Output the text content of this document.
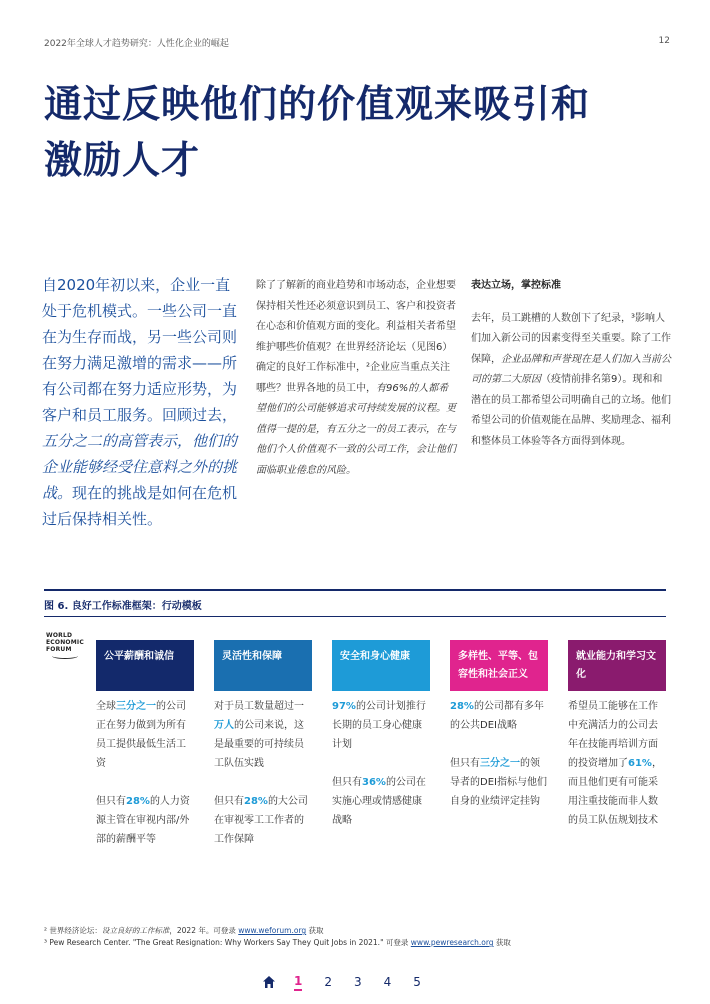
2022年全球人才趋势研究：人性化企业的崛起	12
通过反映他们的价值观来吸引和
激励人才
自2020年初以来，企业一直处于危机模式。一些公司一直在为生存而战，另一些公司则在努力满足激增的需求——所有公司都在努力适应形势，为客户和员工服务。回顾过去，五分之二的高管表示，他们的企业能够经受住意料之外的挑战。现在的挑战是如何在危机过后保持相关性。
除了了解新的商业趋势和市场动态，企业想要保持相关性还必须意识到员工、客户和投资者在心态和价值观方面的变化。利益相关者希望维护哪些价值观？在世界经济论坛（见图6）确定的良好工作标准中，²企业应当重点关注哪些？世界各地的员工中，有96%的人都希望他们的公司能够追求可持续发展的议程。更值得一提的是，有五分之一的员工表示，在与他们个人价值观不一致的公司工作，会让他们面临职业倦怠的风险。
表达立场，掌控标准
去年，员工跳槽的人数创下了纪录，³影响人们加入新公司的因素变得至关重要。除了工作保障，企业品牌和声誉现在是人们加入当前公司的第二大原因（疫情前排名第9）。现和和潜在的员工都希望公司明确自己的立场。他们希望公司的价值观能在品牌、奖励理念、福利和整体员工体验等各方面得到体现。
图 6. 良好工作标准框架：行动模板
WORLD
ECONOMIC
FORUM
公平薪酬和诚信

全球三分之一的公司正在努力做到为所有员工提供最低生活工资

但只有28%的人力资源主管在审视内部/外部的薪酬平等

灵活性和保障

对于员工数量超过一万人的公司来说，这是最重要的可持续员工队伍实践

但只有28%的大公司在审视零工工作者的工作保障

安全和身心健康

97%的公司计划推行长期的员工身心健康计划

但只有36%的公司在实施心理或情感健康战略

多样性、平等、包容性和社会正义

28%的公司都有多年的公共DEI战略

但只有三分之一的领导者的DEI指标与他们自身的业绩评定挂钩

就业能力和学习文化

希望员工能够在工作中充满活力的公司去年在技能再培训方面的投资增加了61%，而且他们更有可能采用注重技能而非人数的员工队伍规划技术

² 世界经济论坛：设立良好的工作标准，2022 年。可登录 www.weforum.org 获取
³ Pew Research Center. "The Great Resignation: Why Workers Say They Quit Jobs in 2021." 可登录 www.pewresearch.org 获取
1 2 3 4 5
